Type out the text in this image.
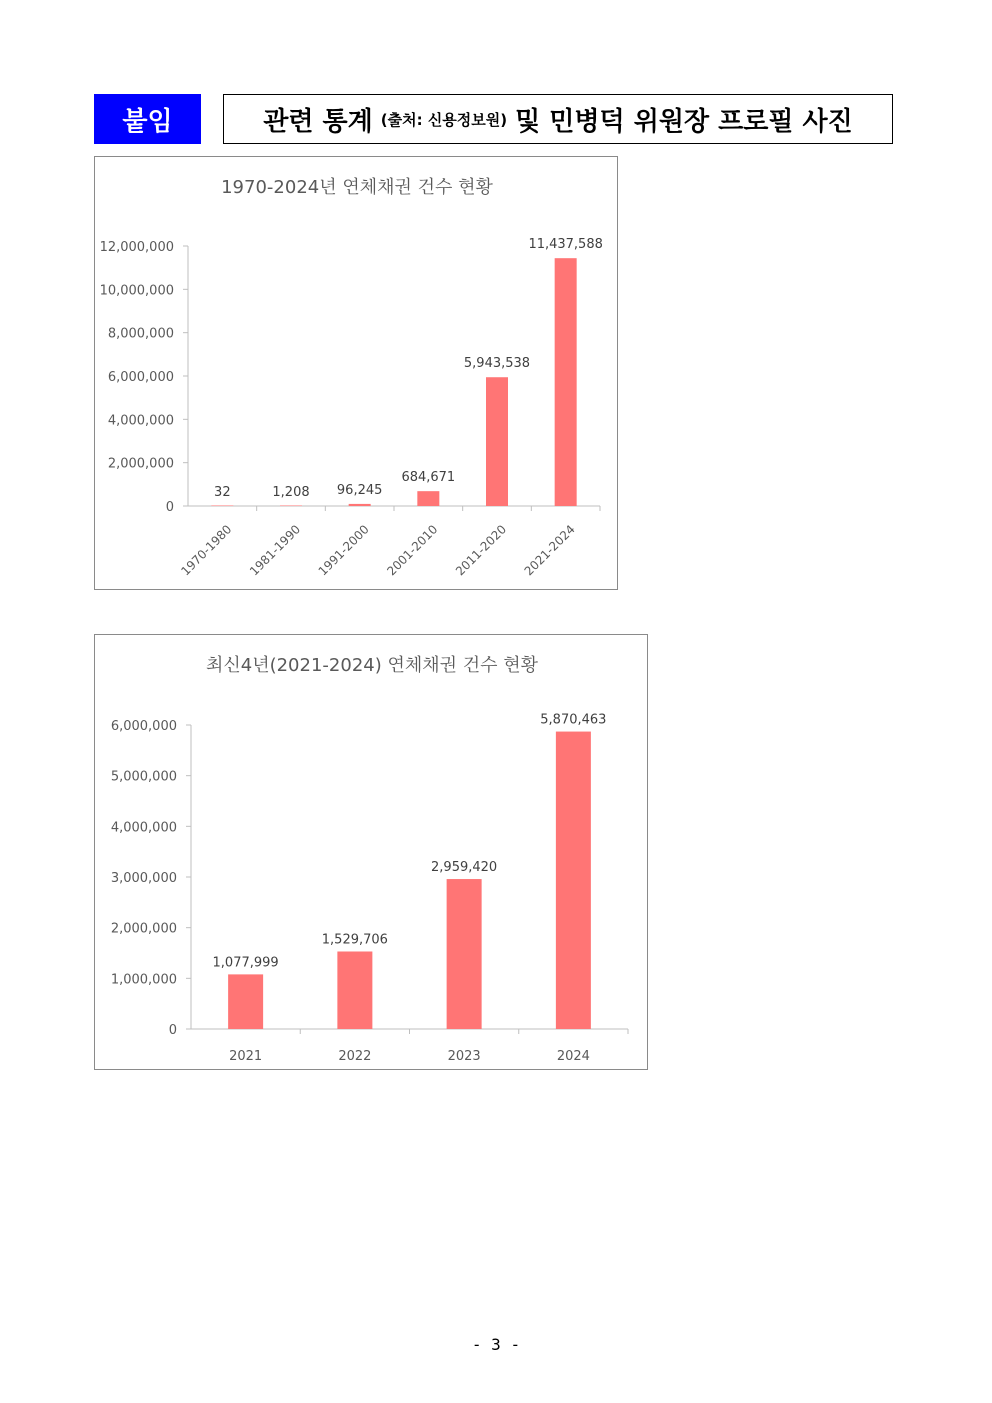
붙임	관련 통계 (출처: 신용정보원) 및 민병덕 위원장 프로필 사진
1970-2024년 연체채권 건수 현황
0
2,000,000
4,000,000
6,000,000
8,000,000
10,000,000
12,000,000
32
1970-1980
1,208
1981-1990
96,245
1991-2000
684,671
2001-2010
5,943,538
2011-2020
11,437,588
2021-2024
최신4년(2021-2024) 연체채권 건수 현황
0
1,000,000
2,000,000
3,000,000
4,000,000
5,000,000
6,000,000
1,077,999
2021
1,529,706
2022
2,959,420
2023
5,870,463
2024
- 3 -
